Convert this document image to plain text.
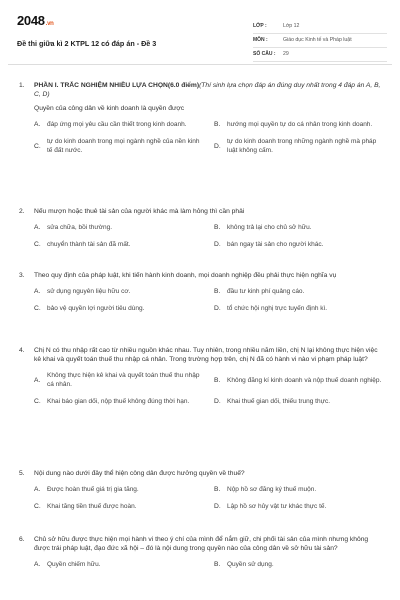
2048.vn
Đề thi giữa kì 2 KTPL 12 có đáp án - Đề 3
LỚP :	Lớp 12
MÔN :	Giáo dục Kinh tế và Pháp luật
SỐ CÂU :	29
1. PHẦN I. TRẮC NGHIỆM NHIỀU LỰA CHỌN(6.0 điểm)(Thí sinh lựa chọn đáp án đúng duy nhất trong 4 đáp án A, B, C, D)
Quyền của công dân về kinh doanh là quyền được
A.	đáp ứng mọi yêu cầu cần thiết trong kinh doanh.	B.	hướng mọi quyền tự do cá nhân trong kinh doanh.
C.
tự do kinh doanh trong mọi ngành nghề của nền kinh tế đất nước.
D.
tự do kinh doanh trong những ngành nghề mà pháp luật không cấm.
2. Nếu mượn hoặc thuê tài sản của người khác mà làm hỏng thì cần phải
A.	sửa chữa, bồi thường.	B.	không trả lại cho chủ sở hữu.
C. chuyển thành tài sản đã mất.	D. bán ngay tài sản cho người khác.
3. Theo quy định của pháp luật, khi tiến hành kinh doanh, mọi doanh nghiệp đều phải thực hiện nghĩa vụ
A.	sử dụng nguyên liệu hữu cơ.	B.	đầu tư kinh phí quảng cáo.
C. bảo vệ quyền lợi người tiêu dùng.	D. tổ chức hội nghị trực tuyến định kì.
4. Chị N có thu nhập rất cao từ nhiều nguồn khác nhau. Tuy nhiên, trong nhiều năm liền, chị N lại không thực hiện việc kê khai và quyết toán thuế thu nhập cá nhân. Trong trường hợp trên, chị N đã có hành vi nào vi phạm pháp luật?
A.
Không thực hiện kê khai và quyết toán thuế thu nhập cá nhân.
B.	Không đăng kí kinh doanh và nộp thuế doanh nghiệp.
C. Khai báo gian dối, nộp thuế không đúng thời hạn.	D. Khai thuế gian dối, thiếu trung thực.
5. Nội dung nào dưới đây thể hiện công dân được hưởng quyền về thuế?
A.	Được hoàn thuế giá trị gia tăng.	B.	Nộp hồ sơ đăng ký thuế muộn.
C. Khai tăng tiền thuế được hoàn.	D. Lập hồ sơ hủy vật tư khác thực tế.
6. Chủ sở hữu được thực hiện mọi hành vi theo ý chí của mình để nắm giữ, chi phối tài sản của mình nhưng không được trái pháp luật, đạo đức xã hội – đó là nội dung trong quyền nào của công dân về sở hữu tài sản?
A.	Quyền chiếm hữu.	B.	Quyền sử dụng.
